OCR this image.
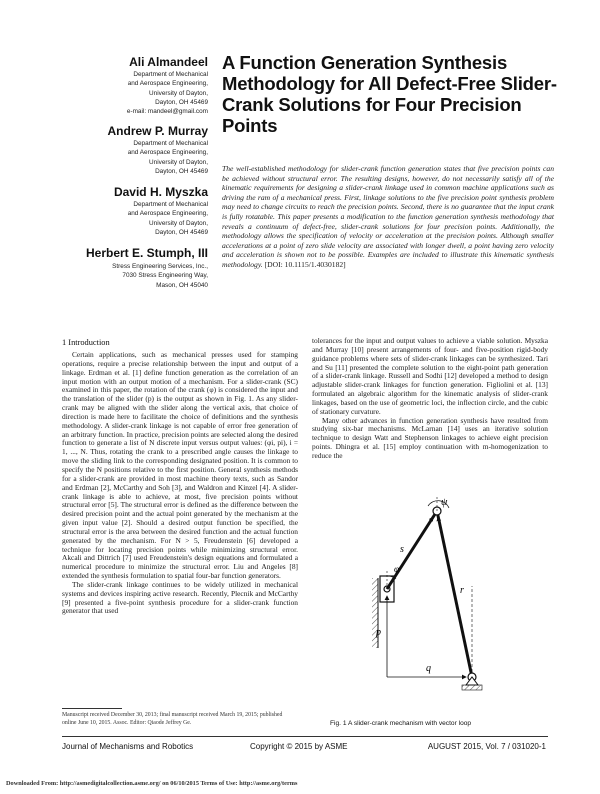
Ali Almandeel
Department of Mechanical
and Aerospace Engineering,
University of Dayton,
Dayton, OH 45469
e-mail: mandeel@gmail.com
Andrew P. Murray
Department of Mechanical
and Aerospace Engineering,
University of Dayton,
Dayton, OH 45469
David H. Myszka
Department of Mechanical
and Aerospace Engineering,
University of Dayton,
Dayton, OH 45469
Herbert E. Stumph, III
Stress Engineering Services, Inc.,
7030 Stress Engineering Way,
Mason, OH 45040
A Function Generation Synthesis Methodology for All Defect-Free Slider-Crank Solutions for Four Precision Points
The well-established methodology for slider-crank function generation states that five precision points can be achieved without structural error. The resulting designs, however, do not necessarily satisfy all of the kinematic requirements for designing a slider-crank linkage used in common machine applications such as driving the ram of a mechanical press. First, linkage solutions to the five precision point synthesis problem may need to change circuits to reach the precision points. Second, there is no guarantee that the input crank is fully rotatable. This paper presents a modification to the function generation synthesis methodology that reveals a continuum of defect-free, slider-crank solutions for four precision points. Additionally, the methodology allows the specification of velocity or acceleration at the precision points. Although smaller accelerations at a point of zero slide velocity are associated with longer dwell, a point having zero velocity and acceleration is shown not to be possible. Examples are included to illustrate this kinematic synthesis methodology. [DOI: 10.1115/1.4030182]
1 Introduction

Certain applications, such as mechanical presses used for stamping operations, require a precise relationship between the input and output of a linkage. Erdman et al. [1] define function generation as the correlation of an input motion with an output motion of a mechanism. For a slider-crank (SC) examined in this paper, the rotation of the crank (φ) is considered the input and the translation of the slider (p) is the output as shown in Fig. 1. As any slider-crank may be aligned with the slider along the vertical axis, that choice of direction is made here to facilitate the choice of definitions and the synthesis methodology. A slider-crank linkage is not capable of error free generation of an arbitrary function. In practice, precision points are selected along the desired function to generate a list of N discrete input versus output values: (φi, pi), i = 1, ..., N. Thus, rotating the crank to a prescribed angle causes the linkage to move the sliding link to the corresponding designated position. It is common to specify the N positions relative to the first position. General synthesis methods for a slider-crank are provided in most machine theory texts, such as Sandor and Erdman [2], McCarthy and Soh [3], and Waldron and Kinzel [4]. A slider-crank linkage is able to achieve, at most, five precision points without structural error [5]. The structural error is defined as the difference between the desired precision point and the actual point generated by the mechanism at the given input value [2]. Should a desired output function be specified, the structural error is the area between the desired function and the actual function generated by the mechanism. For N > 5, Freudenstein [6] developed a technique for locating precision points while minimizing structural error. Akcali and Dittrich [7] used Freudenstein's design equations and formulated a numerical procedure to minimize the structural error. Liu and Angeles [8] extended the synthesis formulation to spatial four-bar function generators.

The slider-crank linkage continues to be widely utilized in mechanical systems and devices inspiring active research. Recently, Plecnik and McCarthy [9] presented a five-point synthesis procedure for a slider-crank function generator that used

tolerances for the input and output values to achieve a viable solution. Myszka and Murray [10] present arrangements of four- and five-position rigid-body guidance problems where sets of slider-crank linkages can be synthesized. Tari and Su [11] presented the complete solution to the eight-point path generation of a slider-crank linkage. Russell and Sodhi [12] developed a method to design adjustable slider-crank linkages for function generation. Figliolini et al. [13] formulated an algebraic algorithm for the kinematic analysis of slider-crank linkages, based on the use of geometric loci, the inflection circle, and the cubic of stationary curvature.

Many other advances in function generation synthesis have resulted from studying six-bar mechanisms. McLarnan [14] uses an iterative solution technique to design Watt and Stephenson linkages to achieve eight precision points. Dhingra et al. [15] employ continuation with m-homogenization to reduce the

ψ
s
φ
r
p
q
Fig. 1 A slider-crank mechanism with vector loop
Manuscript received December 30, 2013; final manuscript received March 19, 2015; published online June 10, 2015. Assoc. Editor: Qiaode Jeffrey Ge.
Journal of Mechanisms and Robotics	Copyright © 2015 by ASME	AUGUST 2015, Vol. 7 / 031020-1
Downloaded From: http://asmedigitalcollection.asme.org/ on 06/10/2015 Terms of Use: http://asme.org/terms
